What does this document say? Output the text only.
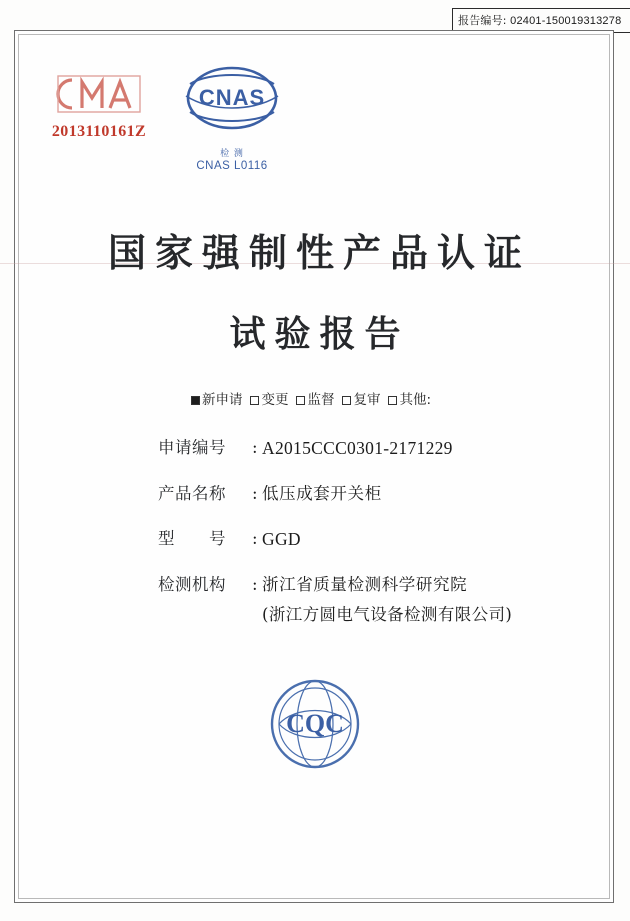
报告编号: 02401-150019313278
2013110161Z
CNAS
检 测
CNAS L0116
国家强制性产品认证
试验报告
新申请 变更 监督 复审 其他:
申请编号	: A2015CCC0301-2171229
产品名称	: 低压成套开关柜
型　　号	: GGD
检测机构	: 浙江省质量检测科学研究院
(浙江方圆电气设备检测有限公司)
CQC
